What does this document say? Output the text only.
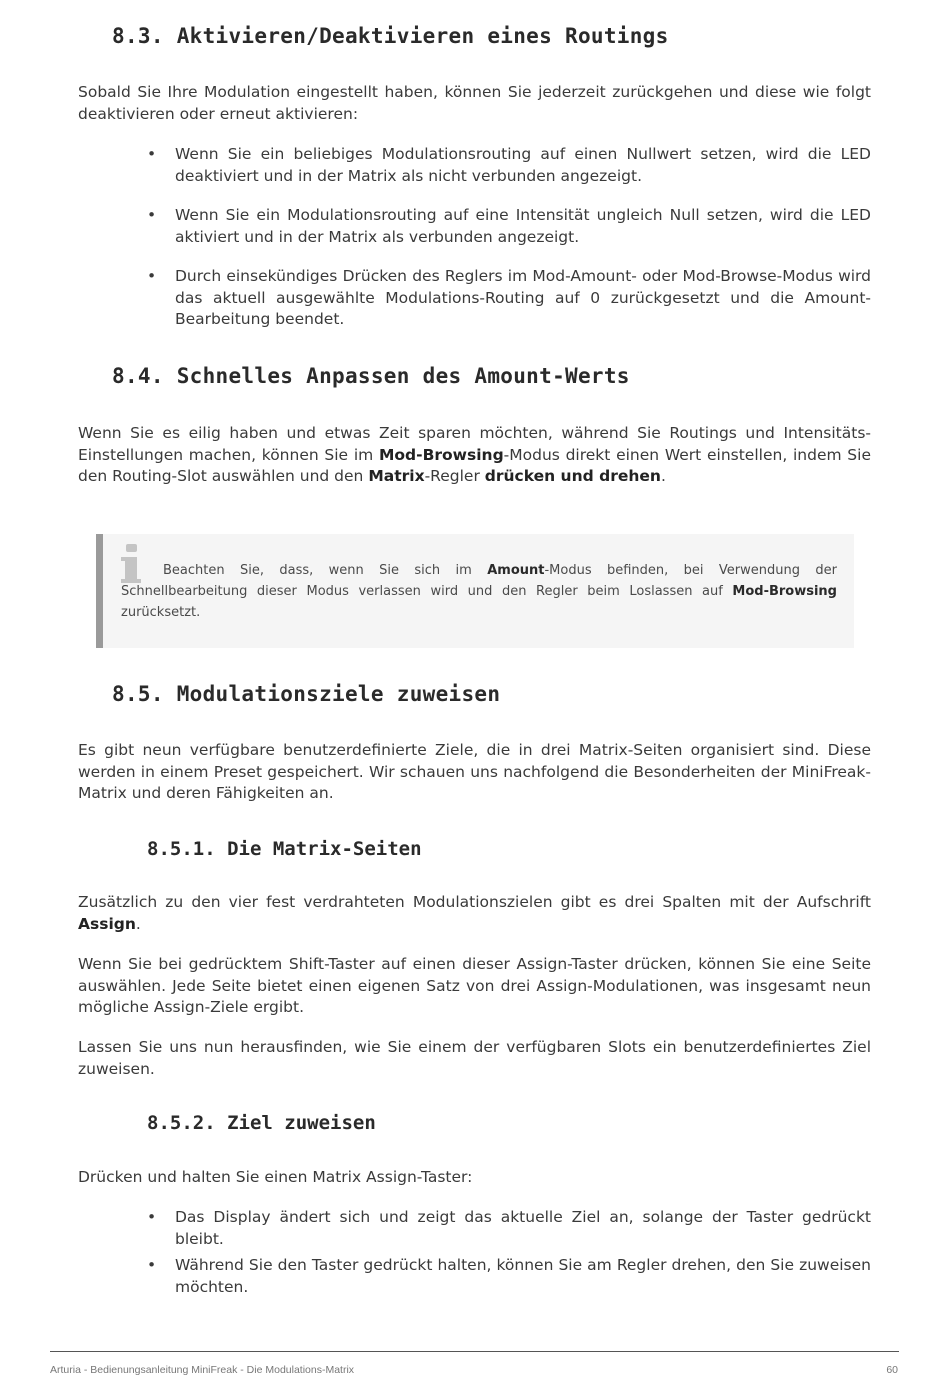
8.3. Aktivieren/Deaktivieren eines Routings
Sobald Sie Ihre Modulation eingestellt haben, können Sie jederzeit zurückgehen und diese wie folgt deaktivieren oder erneut aktivieren:
• Wenn Sie ein beliebiges Modulationsrouting auf einen Nullwert setzen, wird die LED deaktiviert und in der Matrix als nicht verbunden angezeigt.
• Wenn Sie ein Modulationsrouting auf eine Intensität ungleich Null setzen, wird die LED aktiviert und in der Matrix als verbunden angezeigt.
• Durch einsekündiges Drücken des Reglers im Mod-Amount- oder Mod-Browse-Modus wird das aktuell ausgewählte Modulations-Routing auf 0 zurückgesetzt und die Amount-Bearbeitung beendet.
8.4. Schnelles Anpassen des Amount-Werts
Wenn Sie es eilig haben und etwas Zeit sparen möchten, während Sie Routings und Intensitäts-Einstellungen machen, können Sie im Mod-Browsing-Modus direkt einen Wert einstellen, indem Sie den Routing-Slot auswählen und den Matrix-Regler drücken und drehen.
Beachten Sie, dass, wenn Sie sich im Amount-Modus befinden, bei Verwendung der Schnellbearbeitung dieser Modus verlassen wird und den Regler beim Loslassen auf Mod-Browsing zurücksetzt.
8.5. Modulationsziele zuweisen
Es gibt neun verfügbare benutzerdefinierte Ziele, die in drei Matrix-Seiten organisiert sind. Diese werden in einem Preset gespeichert. Wir schauen uns nachfolgend die Besonderheiten der MiniFreak-Matrix und deren Fähigkeiten an.
8.5.1. Die Matrix-Seiten
Zusätzlich zu den vier fest verdrahteten Modulationszielen gibt es drei Spalten mit der Aufschrift Assign.
Wenn Sie bei gedrücktem Shift-Taster auf einen dieser Assign-Taster drücken, können Sie eine Seite auswählen. Jede Seite bietet einen eigenen Satz von drei Assign-Modulationen, was insgesamt neun mögliche Assign-Ziele ergibt.
Lassen Sie uns nun herausfinden, wie Sie einem der verfügbaren Slots ein benutzerdefiniertes Ziel zuweisen.
8.5.2. Ziel zuweisen
Drücken und halten Sie einen Matrix Assign-Taster:
• Das Display ändert sich und zeigt das aktuelle Ziel an, solange der Taster gedrückt bleibt.
• Während Sie den Taster gedrückt halten, können Sie am Regler drehen, den Sie zuweisen möchten.
Arturia - Bedienungsanleitung MiniFreak - Die Modulations-Matrix	60
